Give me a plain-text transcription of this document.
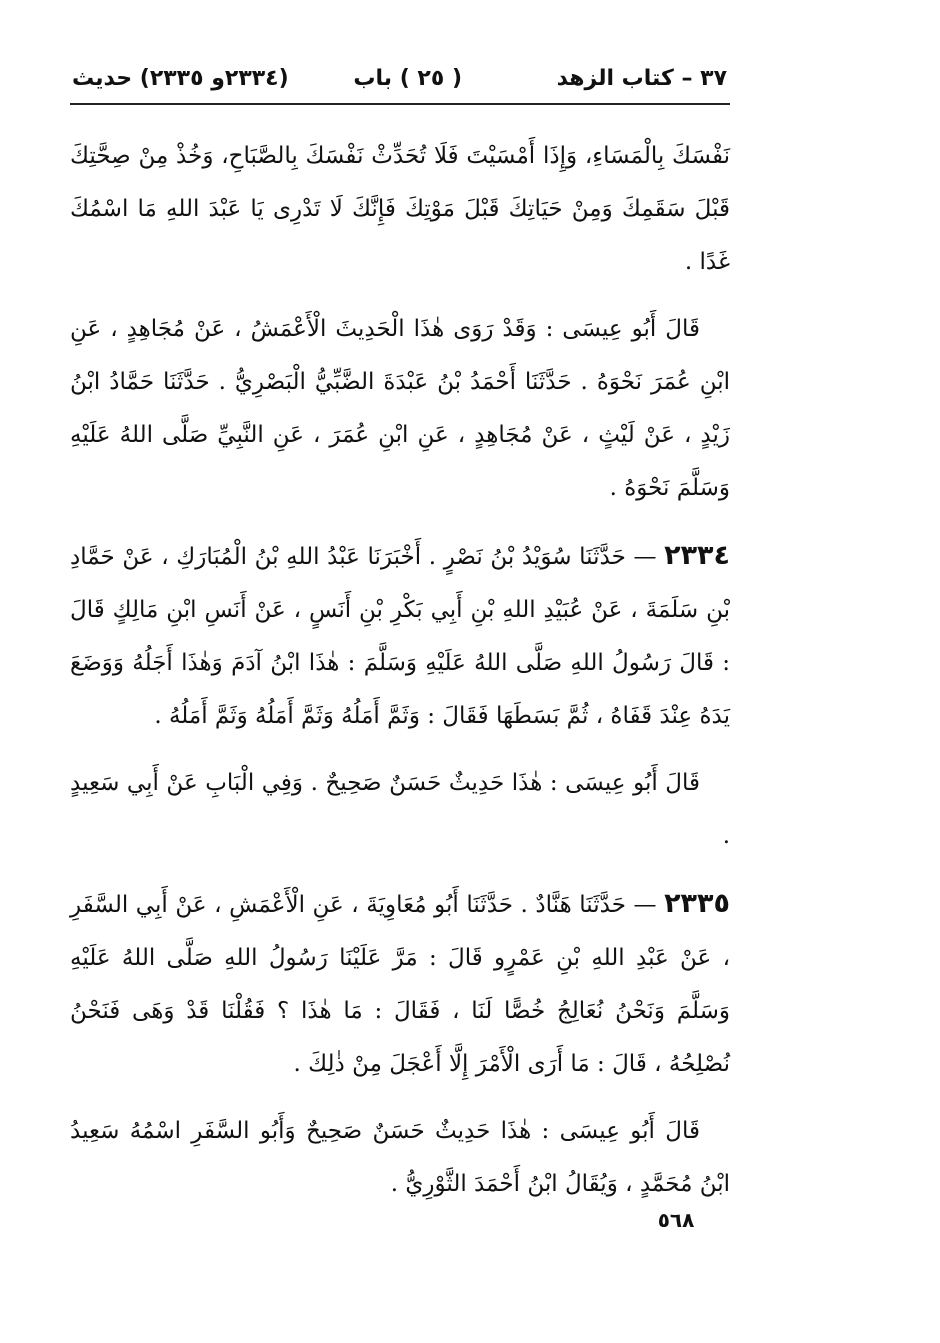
٣٧ – كتاب الزهد
( ٢٥ ) باب
(٢٣٣٤و ٢٣٣٥) حديث

نَفْسَكَ بِالْمَسَاءِ، وَإِذَا أَمْسَيْتَ فَلَا تُحَدِّثْ نَفْسَكَ بِالصَّبَاحِ، وَخُذْ مِنْ صِحَّتِكَ قَبْلَ سَقَمِكَ وَمِنْ حَيَاتِكَ قَبْلَ مَوْتِكَ فَإِنَّكَ لَا تَدْرِى يَا عَبْدَ اللهِ مَا اسْمُكَ غَدًا .

قَالَ أَبُو عِيسَى : وَقَدْ رَوَى هٰذَا الْحَدِيثَ الْأَعْمَشُ ، عَنْ مُجَاهِدٍ ، عَنِ ابْنِ عُمَرَ نَحْوَهُ . حَدَّثَنَا أَحْمَدُ بْنُ عَبْدَةَ الضَّبِّيُّ الْبَصْرِيُّ . حَدَّثَنَا حَمَّادُ ابْنُ زَيْدٍ ، عَنْ لَيْثٍ ، عَنْ مُجَاهِدٍ ، عَنِ ابْنِ عُمَرَ ، عَنِ النَّبِيِّ صَلَّى اللهُ عَلَيْهِ وَسَلَّمَ نَحْوَهُ .

٢٣٣٤ — حَدَّثَنَا سُوَيْدُ بْنُ نَصْرٍ . أَخْبَرَنَا عَبْدُ اللهِ بْنُ الْمُبَارَكِ ، عَنْ حَمَّادِ بْنِ سَلَمَةَ ، عَنْ عُبَيْدِ اللهِ بْنِ أَبِي بَكْرِ بْنِ أَنَسٍ ، عَنْ أَنَسِ ابْنِ مَالِكٍ قَالَ : قَالَ رَسُولُ اللهِ صَلَّى اللهُ عَلَيْهِ وَسَلَّمَ : هٰذَا ابْنُ آدَمَ وَهٰذَا أَجَلُهُ وَوَضَعَ يَدَهُ عِنْدَ قَفَاهُ ، ثُمَّ بَسَطَهَا فَقَالَ : وَثَمَّ أَمَلُهُ وَثَمَّ أَمَلُهُ وَثَمَّ أَمَلُهُ .

قَالَ أَبُو عِيسَى : هٰذَا حَدِيثٌ حَسَنٌ صَحِيحٌ . وَفِي الْبَابِ عَنْ أَبِي سَعِيدٍ .

٢٣٣٥ — حَدَّثَنَا هَنَّادٌ . حَدَّثَنَا أَبُو مُعَاوِيَةَ ، عَنِ الْأَعْمَشِ ، عَنْ أَبِي السَّفَرِ ، عَنْ عَبْدِ اللهِ بْنِ عَمْرٍو قَالَ : مَرَّ عَلَيْنَا رَسُولُ اللهِ صَلَّى اللهُ عَلَيْهِ وَسَلَّمَ وَنَحْنُ نُعَالِجُ خُصًّا لَنَا ، فَقَالَ : مَا هٰذَا ؟ فَقُلْنَا قَدْ وَهَى فَنَحْنُ نُصْلِحُهُ ، قَالَ : مَا أَرَى الْأَمْرَ إِلَّا أَعْجَلَ مِنْ ذٰلِكَ .

قَالَ أَبُو عِيسَى : هٰذَا حَدِيثٌ حَسَنٌ صَحِيحٌ وَأَبُو السَّفَرِ اسْمُهُ سَعِيدُ ابْنُ مُحَمَّدٍ ، وَيُقَالُ ابْنُ أَحْمَدَ الثَّوْرِيُّ .

٥٦٨
